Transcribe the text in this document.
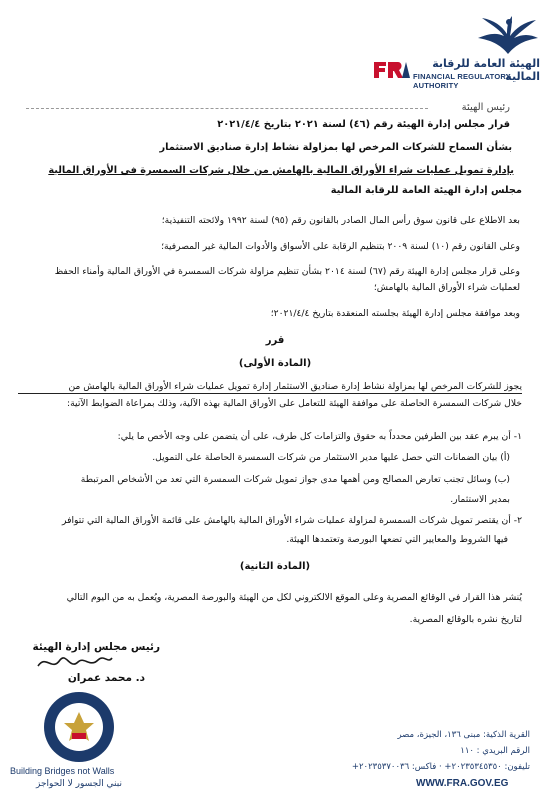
الهيئة العامة للرقابة المالية
FINANCIAL REGULATORY AUTHORITY
رئيس الهيئة
قرار مجلس إدارة الهيئة رقم (٤٦) لسنة ٢٠٢١ بتاريخ ٢٠٢١/٤/٤
بشأن السماح للشركات المرخص لها بمزاولة نشاط إدارة صناديق الاستثمار
بإدارة تمويل عمليات شراء الأوراق المالية بالهامش من خلال شركات السمسرة في الأوراق المالية
مجلس إدارة الهيئة العامة للرقابة المالية
بعد الاطلاع على قانون سوق رأس المال الصادر بالقانون رقم (٩٥) لسنة ١٩٩٢ ولائحته التنفيذية؛
وعلى القانون رقم (١٠) لسنة ٢٠٠٩ بتنظيم الرقابة على الأسواق والأدوات المالية غير المصرفية؛
وعلى قرار مجلس إدارة الهيئة رقم (٦٧) لسنة ٢٠١٤ بشأن تنظيم مزاولة شركات السمسرة في الأوراق المالية وأمناء الحفظ
لعمليات شراء الأوراق المالية بالهامش؛
وبعد موافقة مجلس إدارة الهيئة بجلسته المنعقدة بتاريخ ٢٠٢١/٤/٤؛
قرر
(المادة الأولى)
يجوز للشركات المرخص لها بمزاولة نشاط إدارة صناديق الاستثمار إدارة تمويل عمليات شراء الأوراق المالية بالهامش من
خلال شركات السمسرة الحاصلة على موافقة الهيئة للتعامل على الأوراق المالية بهذه الآلية، وذلك بمراعاة الضوابط الآتية:
١- أن يبرم عقد بين الطرفين محدداً به حقوق والتزامات كل طرف، على أن يتضمن على وجه الأخص ما يلي:
(أ) بيان الضمانات التي حصل عليها مدير الاستثمار من شركات السمسرة الحاصلة على التمويل.
(ب) وسائل تجنب تعارض المصالح ومن أهمها مدى جواز تمويل شركات السمسرة التي تعد من الأشخاص المرتبطة
بمدير الاستثمار.
٢- أن يقتصر تمويل شركات السمسرة لمزاولة عمليات شراء الأوراق المالية بالهامش على قائمة الأوراق المالية التي تتوافر
فيها الشروط والمعايير التي تضعها البورصة وتعتمدها الهيئة.
(المادة الثانية)
يُنشر هذا القرار في الوقائع المصرية وعلى الموقع الالكتروني لكل من الهيئة والبورصة المصرية، ويُعمل به من اليوم التالي
لتاريخ نشره بالوقائع المصرية.
رئيس مجلس إدارة الهيئة
د. محمد عمران
Building Bridges not Walls
نبني الجسور لا الحواجز
القرية الذكية: مبنى ١٣٦، الجيزة، مصر
الرقم البريدي : ١١٠
تليفون: ٢٠٢٣٥٣٤٥٣٥٠+ · فاكس: ٢٠٢٣٥٣٧٠٠٣٦+
WWW.FRA.GOV.EG
